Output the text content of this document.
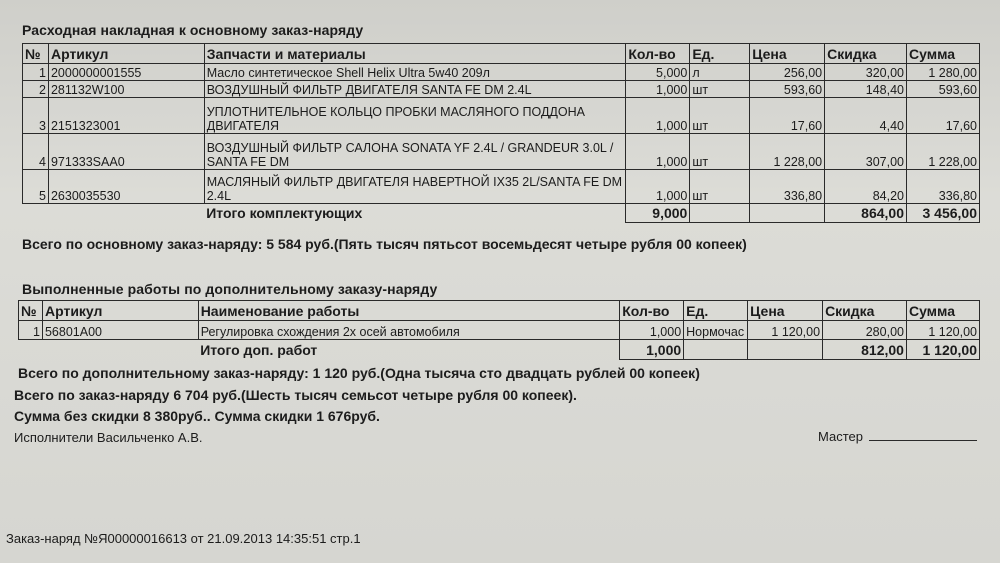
Расходная накладная к основному заказ-наряду
№	Артикул	Запчасти и материалы	Кол-во	Ед.	Цена	Скидка	Сумма
1	2000000001555	Масло синтетическое Shell Helix Ultra 5w40 209л	5,000	л	256,00	320,00	1 280,00
2	281132W100	ВОЗДУШНЫЙ ФИЛЬТР ДВИГАТЕЛЯ SANTA FE DM 2.4L	1,000	шт	593,60	148,40	593,60
3	2151323001	УПЛОТНИТЕЛЬНОЕ КОЛЬЦО ПРОБКИ МАСЛЯНОГО ПОДДОНА ДВИГАТЕЛЯ	1,000	шт	17,60	4,40	17,60
4	971333SAA0	ВОЗДУШНЫЙ ФИЛЬТР САЛОНА SONATA YF 2.4L / GRANDEUR 3.0L / SANTA FE DM	1,000	шт	1 228,00	307,00	1 228,00
5	2630035530	МАСЛЯНЫЙ ФИЛЬТР ДВИГАТЕЛЯ НАВЕРТНОЙ IX35 2L/SANTA FE DM 2.4L	1,000	шт	336,80	84,20	336,80
		Итого комплектующих	9,000			864,00	3 456,00
Всего по основному заказ-наряду: 5 584 руб.(Пять тысяч пятьсот восемьдесят четыре рубля 00 копеек)
Выполненные работы по дополнительному заказу-наряду
№	Артикул	Наименование работы	Кол-во	Ед.	Цена	Скидка	Сумма
1	56801A00	Регулировка схождения 2х осей автомобиля	1,000	Нормочас	1 120,00	280,00	1 120,00
		Итого доп. работ	1,000			812,00	1 120,00
Всего по дополнительному заказ-наряду: 1 120 руб.(Одна тысяча сто двадцать рублей 00 копеек)
Всего по заказ-наряду 6 704 руб.(Шесть тысяч семьсот четыре рубля 00 копеек).
Сумма без скидки 8 380руб.. Сумма скидки 1 676руб.
Исполнители Васильченко А.В.	Мастер
Заказ-наряд №Я00000016613 от 21.09.2013 14:35:51 стр.1
